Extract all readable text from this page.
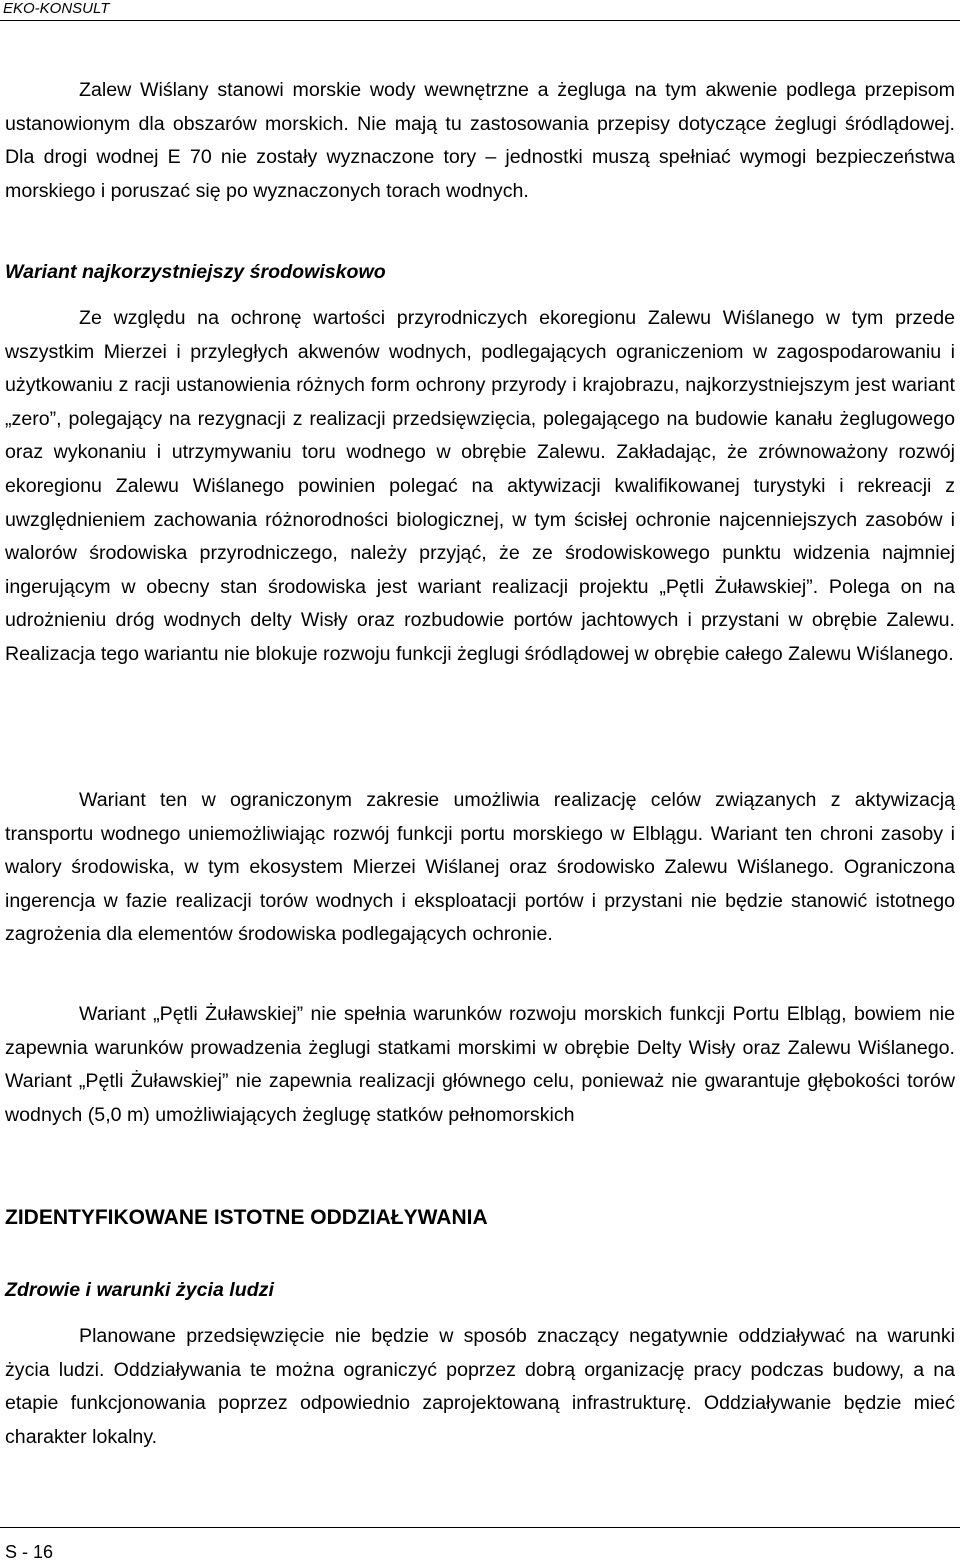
EKO-KONSULT

Zalew Wiślany stanowi morskie wody wewnętrzne a żegluga na tym akwenie podlega przepisom ustanowionym dla obszarów morskich. Nie mają tu zastosowania przepisy dotyczące żeglugi śródlądowej. Dla drogi wodnej E 70 nie zostały wyznaczone tory – jednostki muszą spełniać wymogi bezpieczeństwa morskiego i poruszać się po wyznaczonych torach wodnych.

Wariant najkorzystniejszy środowiskowo

Ze względu na ochronę wartości przyrodniczych ekoregionu Zalewu Wiślanego w tym przede wszystkim Mierzei i przyległych akwenów wodnych, podlegających ograniczeniom w zagospodarowaniu i użytkowaniu z racji ustanowienia różnych form ochrony przyrody i krajobrazu, najkorzystniejszym jest wariant „zero”, polegający na rezygnacji z realizacji przedsięwzięcia, polegającego na budowie kanału żeglugowego oraz wykonaniu i utrzymywaniu toru wodnego w obrębie Zalewu. Zakładając, że zrównoważony rozwój ekoregionu Zalewu Wiślanego powinien polegać na aktywizacji kwalifikowanej turystyki i rekreacji z uwzględnieniem zachowania różnorodności biologicznej, w tym ścisłej ochronie najcenniejszych zasobów i walorów środowiska przyrodniczego, należy przyjąć, że ze środowiskowego punktu widzenia najmniej ingerującym w obecny stan środowiska jest wariant realizacji projektu „Pętli Żuławskiej”. Polega on na udrożnieniu dróg wodnych delty Wisły oraz rozbudowie portów jachtowych i przystani w obrębie Zalewu. Realizacja tego wariantu nie blokuje rozwoju funkcji żeglugi śródlądowej w obrębie całego Zalewu Wiślanego.

Wariant ten w ograniczonym zakresie umożliwia realizację celów związanych z aktywizacją transportu wodnego uniemożliwiając rozwój funkcji portu morskiego w Elblągu. Wariant ten chroni zasoby i walory środowiska, w tym ekosystem Mierzei Wiślanej oraz środowisko Zalewu Wiślanego. Ograniczona ingerencja w fazie realizacji torów wodnych i eksploatacji portów i przystani nie będzie stanowić istotnego zagrożenia dla elementów środowiska podlegających ochronie.

Wariant „Pętli Żuławskiej” nie spełnia warunków rozwoju morskich funkcji Portu Elbląg, bowiem nie zapewnia warunków prowadzenia żeglugi statkami morskimi w obrębie Delty Wisły oraz Zalewu Wiślanego. Wariant „Pętli Żuławskiej” nie zapewnia realizacji głównego celu, ponieważ nie gwarantuje głębokości torów wodnych (5,0 m) umożliwiających żeglugę statków pełnomorskich

ZIDENTYFIKOWANE ISTOTNE ODDZIAŁYWANIA
Zdrowie i warunki życia ludzi

Planowane przedsięwzięcie nie będzie w sposób znaczący negatywnie oddziaływać na warunki życia ludzi. Oddziaływania te można ograniczyć poprzez dobrą organizację pracy podczas budowy, a na etapie funkcjonowania poprzez odpowiednio zaprojektowaną infrastrukturę. Oddziaływanie będzie mieć charakter lokalny.

S - 16
